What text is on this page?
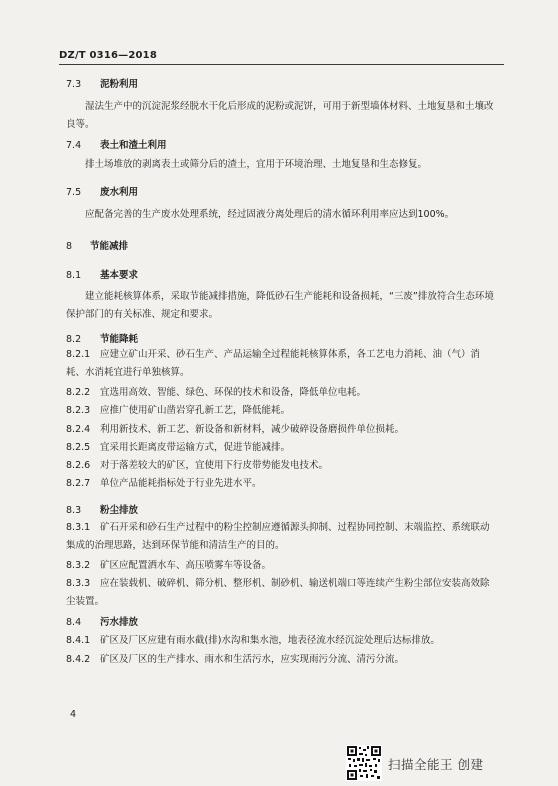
DZ/T 0316—2018
7.3 泥粉利用
湿法生产中的沉淀泥浆经脱水干化后形成的泥粉或泥饼，可用于新型墙体材料、土地复垦和土壤改良等。
7.4 表土和渣土利用
排土场堆放的剥离表土或筛分后的渣土，宜用于环境治理、土地复垦和生态修复。
7.5 废水利用
应配备完善的生产废水处理系统，经过固液分离处理后的清水循环利用率应达到100%。
8 节能减排
8.1 基本要求
建立能耗核算体系，采取节能减排措施，降低砂石生产能耗和设备损耗，“三废”排放符合生态环境保护部门的有关标准、规定和要求。
8.2 节能降耗
8.2.1 应建立矿山开采、砂石生产、产品运输全过程能耗核算体系，各工艺电力消耗、油（气）消耗、水消耗宜进行单独核算。
8.2.2 宜选用高效、智能、绿色、环保的技术和设备，降低单位电耗。
8.2.3 应推广使用矿山凿岩穿孔新工艺，降低能耗。
8.2.4 利用新技术、新工艺、新设备和新材料，减少破碎设备磨损件单位损耗。
8.2.5 宜采用长距离皮带运输方式，促进节能减排。
8.2.6 对于落差较大的矿区，宜使用下行皮带势能发电技术。
8.2.7 单位产品能耗指标处于行业先进水平。
8.3 粉尘排放
8.3.1 矿石开采和砂石生产过程中的粉尘控制应遵循源头抑制、过程协同控制、末端监控、系统联动集成的治理思路，达到环保节能和清洁生产的目的。
8.3.2 矿区应配置洒水车、高压喷雾车等设备。
8.3.3 应在装载机、破碎机、筛分机、整形机、制砂机、输送机端口等连续产生粉尘部位安装高效除尘装置。
8.4 污水排放
8.4.1 矿区及厂区应建有雨水截(排)水沟和集水池，地表径流水经沉淀处理后达标排放。
8.4.2 矿区及厂区的生产排水、雨水和生活污水，应实现雨污分流、清污分流。
4
扫描全能王 创建
